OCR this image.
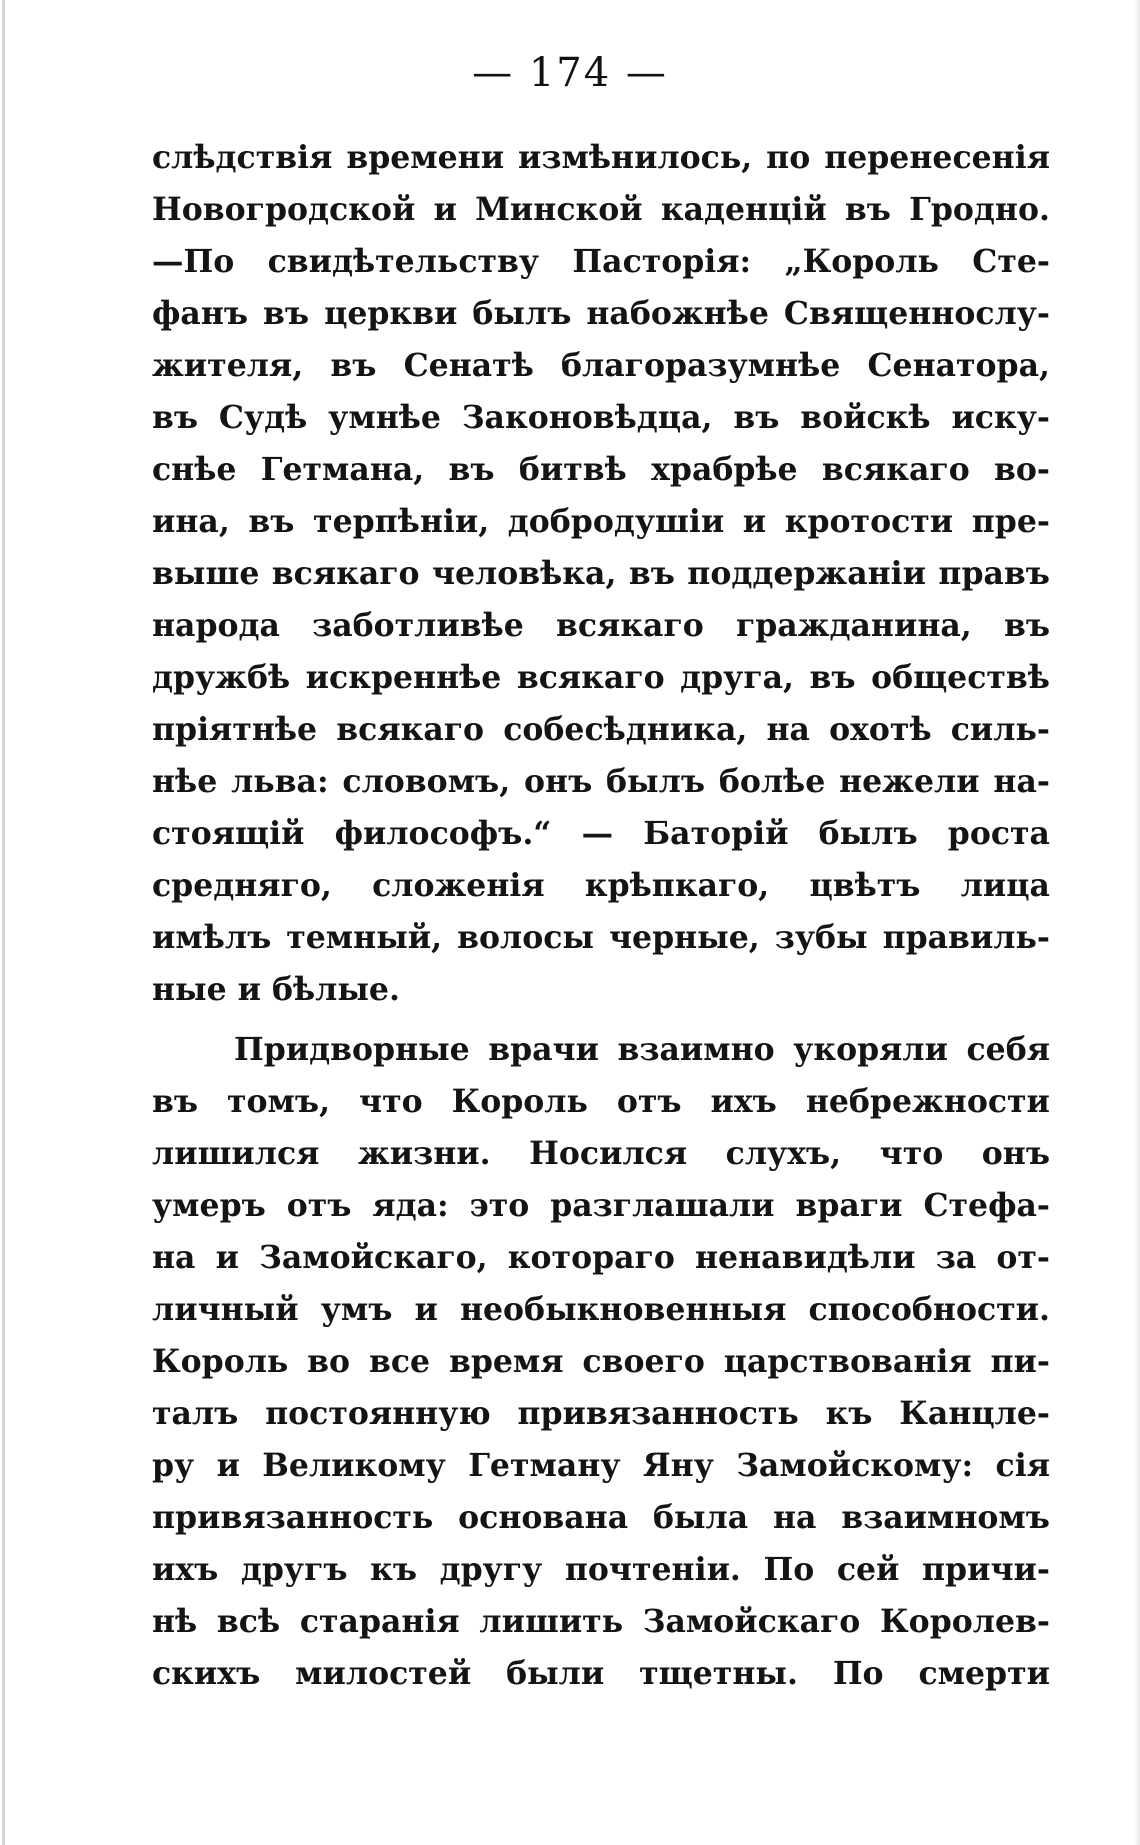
— 174 —
слѣдствія времени измѣнилось, по перенесенія
Новогродской и Минской каденцій въ Гродно.
—По свидѣтельству Пасторія: „Король Сте-
фанъ въ церкви былъ набожнѣе Священнослу-
жителя, въ Сенатѣ благоразумнѣе Сенатора,
въ Судѣ умнѣе Законовѣдца, въ войскѣ иску-
снѣе Гетмана, въ битвѣ храбрѣе всякаго во-
ина, въ терпѣніи, добродушіи и кротости пре-
выше всякаго человѣка, въ поддержаніи правъ
народа заботливѣе всякаго гражданина, въ
дружбѣ искреннѣе всякаго друга, въ обществѣ
пріятнѣе всякаго собесѣдника, на охотѣ силь-
нѣе льва: словомъ, онъ былъ болѣе нежели на-
стоящій философъ.“ — Баторій былъ роста
средняго, сложенія крѣпкаго, цвѣтъ лица
имѣлъ темный, волосы черные, зубы правиль-
ные и бѣлые.
Придворные врачи взаимно укоряли себя
въ томъ, что Король отъ ихъ небрежности
лишился жизни. Носился слухъ, что онъ
умеръ отъ яда: это разглашали враги Стефа-
на и Замойскаго, котораго ненавидѣли за от-
личный умъ и необыкновенныя способности.
Король во все время своего царствованія пи-
талъ постоянную привязанность къ Канцле-
ру и Великому Гетману Яну Замойскому: сія
привязанность основана была на взаимномъ
ихъ другъ къ другу почтеніи. По сей причи-
нѣ всѣ старанія лишить Замойскаго Королев-
скихъ милостей были тщетны. По смерти
